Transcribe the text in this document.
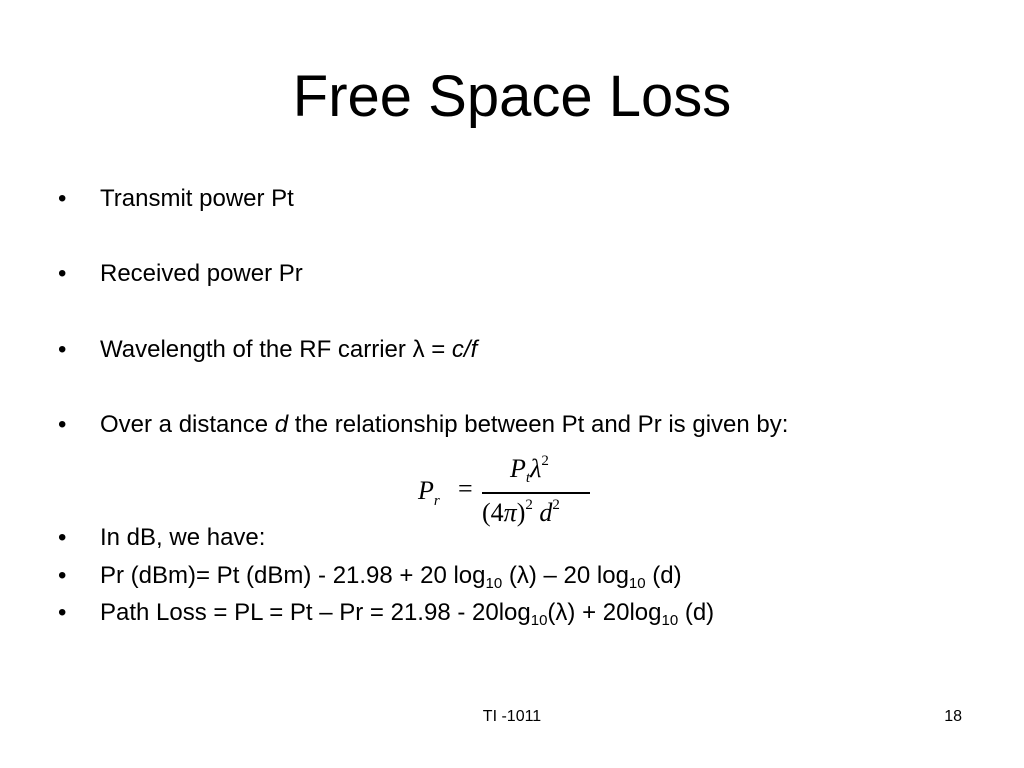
Free Space Loss
• Transmit power Pt
• Received power Pr
• Wavelength of the RF carrier λ = c/f
• Over a distance d the relationship between Pt and Pr is given by:
$P_r$ =
$P_t\lambda^2$
$(4\pi)^2$ $d^2$
• In dB, we have:
• Pr (dBm)= Pt (dBm) - 21.98 + 20 $\log_{10} (\lambda) - 20$ $\log_{10} (d)$
• Path Loss = PL = $Pt - Pr = 21.98 - 20\log_{10}(\lambda) + 20\log_{10}$ (d)
TI -1011	18
